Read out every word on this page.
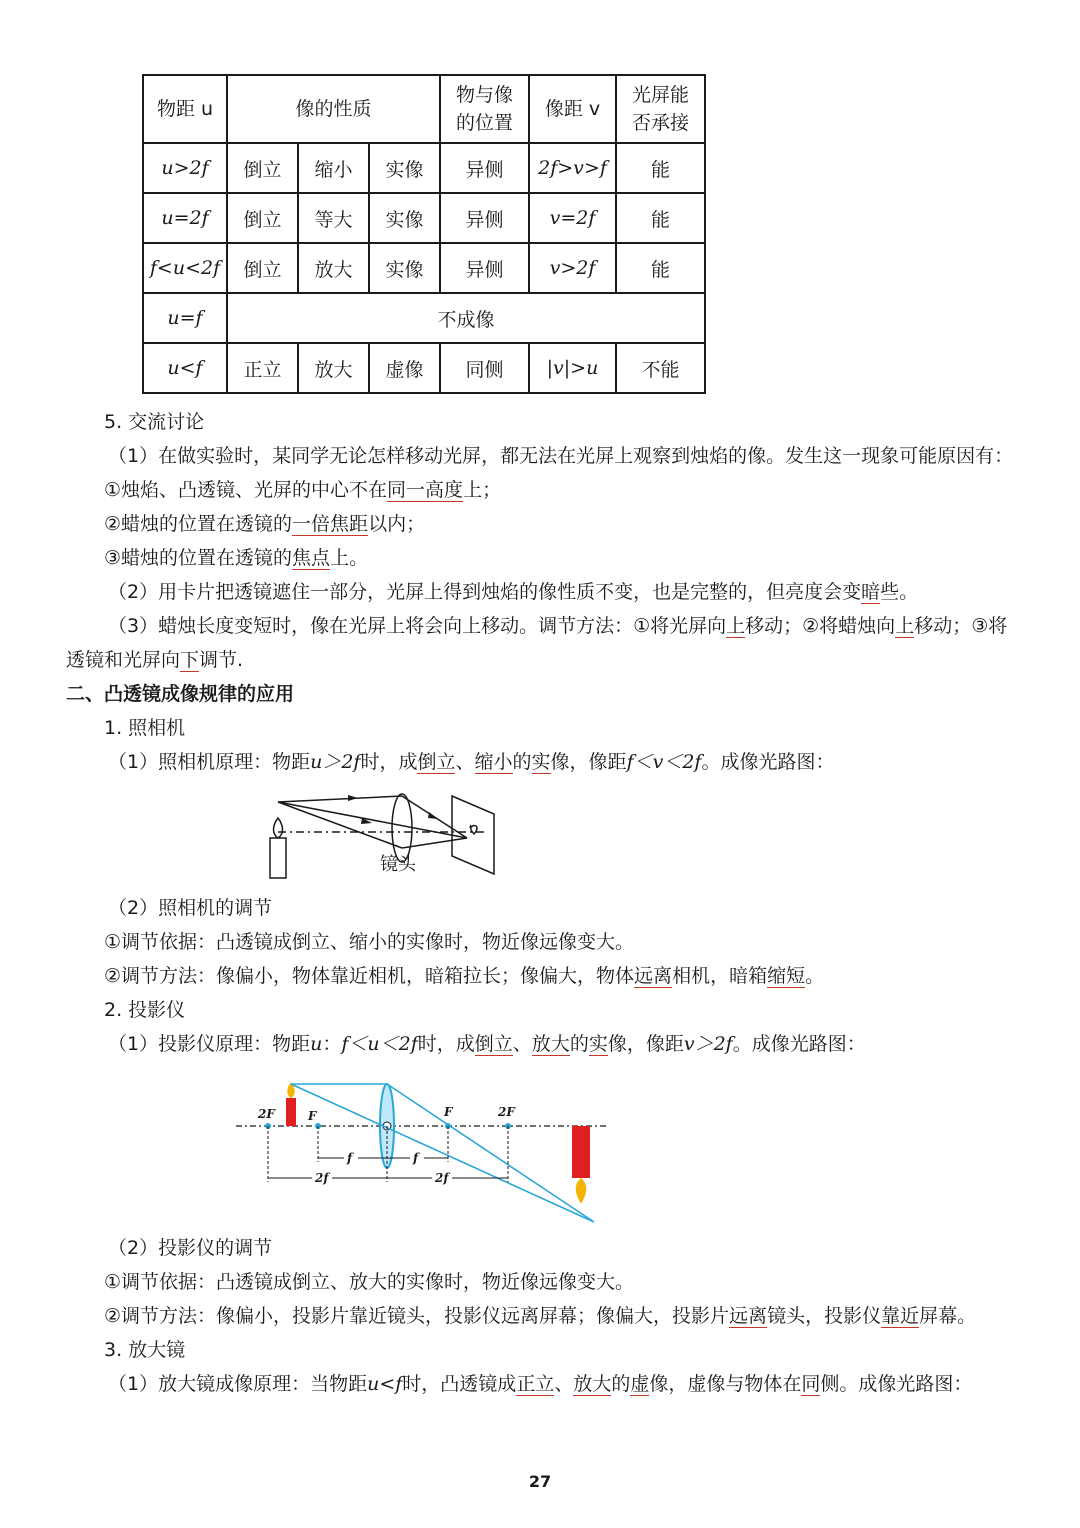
物距 u	像的性质			物与像的位置	像距 v	光屏能否承接

u>2f	倒立	缩小	实像	异侧	2f>v>f	能
u=2f	倒立	等大	实像	异侧	v=2f	能
f<u<2f	倒立	放大	实像	异侧	v>2f	能
u=f	不成像					
u<f	正立	放大	虚像	同侧	|v|>u	不能
5. 交流讨论
（1）在做实验时，某同学无论怎样移动光屏，都无法在光屏上观察到烛焰的像。发生这一现象可能原因有：
①烛焰、凸透镜、光屏的中心不在同一高度上；
②蜡烛的位置在透镜的一倍焦距以内；
③蜡烛的位置在透镜的焦点上。
（2）用卡片把透镜遮住一部分，光屏上得到烛焰的像性质不变，也是完整的，但亮度会变暗些。
（3）蜡烛长度变短时，像在光屏上将会向上移动。调节方法：①将光屏向上移动；②将蜡烛向上移动；③将
透镜和光屏向下调节.
二、凸透镜成像规律的应用
1. 照相机
（1）照相机原理：物距u＞2f时，成倒立、缩小的实像，像距f＜v＜2f。成像光路图：
镜头
（2）照相机的调节
①调节依据：凸透镜成倒立、缩小的实像时，物近像远像变大。
②调节方法：像偏小，物体靠近相机，暗箱拉长；像偏大，物体远离相机，暗箱缩短。
2. 投影仪
（1）投影仪原理：物距u：f＜u＜2f时，成倒立、放大的实像，像距v＞2f。成像光路图：
2F	F	F	2F
f	f
2f	2f
（2）投影仪的调节
①调节依据：凸透镜成倒立、放大的实像时，物近像远像变大。
②调节方法：像偏小，投影片靠近镜头，投影仪远离屏幕；像偏大，投影片远离镜头，投影仪靠近屏幕。
3. 放大镜
（1）放大镜成像原理：当物距u<f时，凸透镜成正立、放大的虚像，虚像与物体在同侧。成像光路图：
27
